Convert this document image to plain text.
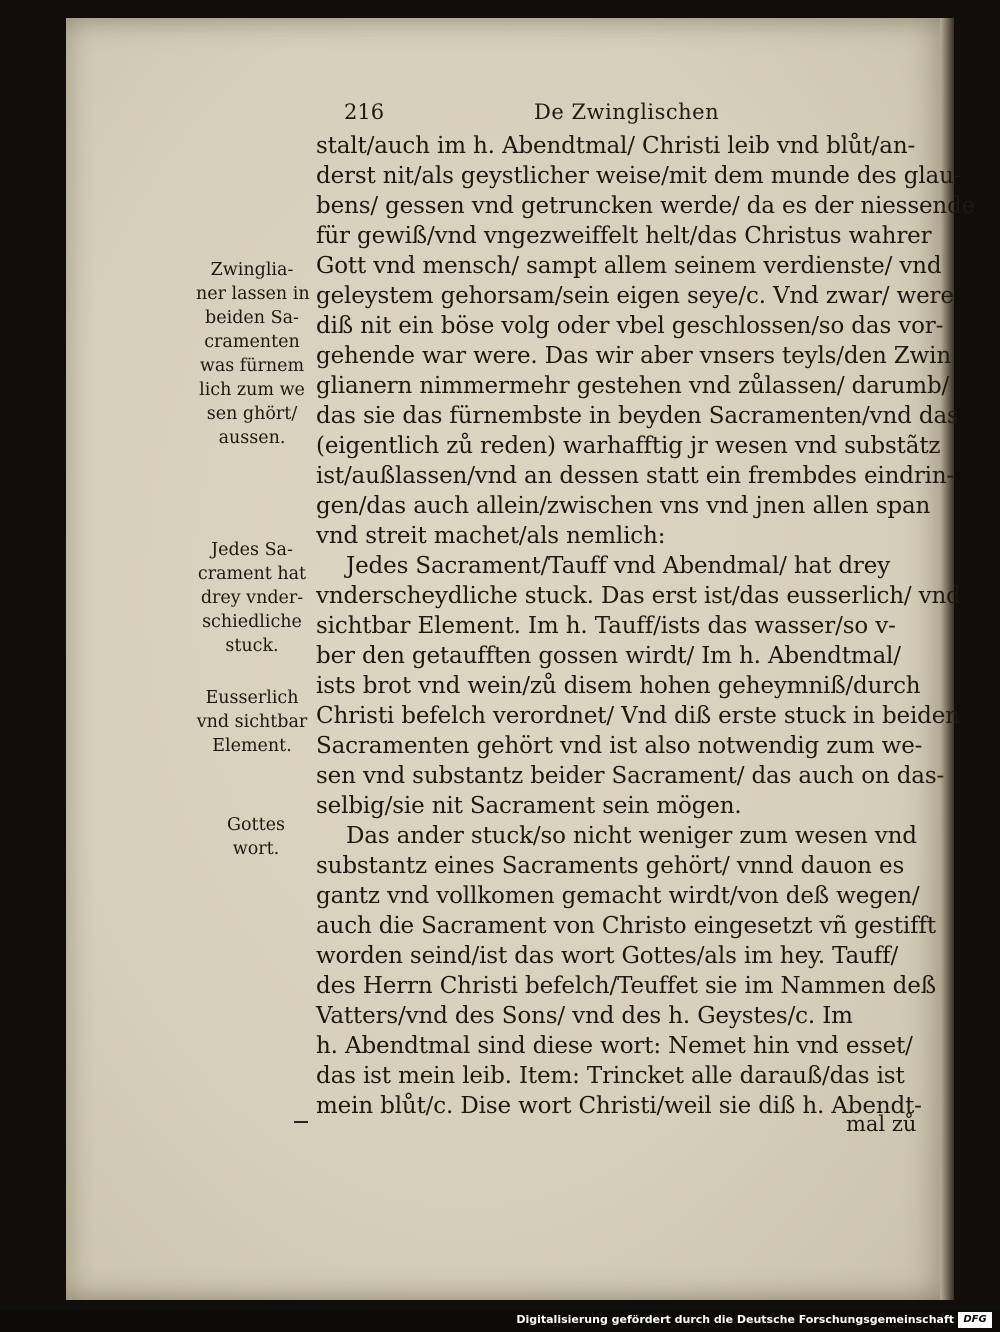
216	De Zwinglischen
stalt/auch im h. Abendtmal/ Christi leib vnd blůt/an-
derst nit/als geystlicher weise/mit dem munde des glau-
bens/ gessen vnd getruncken werde/ da es der niessende
für gewiß/vnd vngezweiffelt helt/das Christus wahrer
Gott vnd mensch/ sampt allem seinem verdienste/ vnd
geleystem gehorsam/sein eigen seye/c. Vnd zwar/ were
diß nit ein böse volg oder vbel geschlossen/so das vor-
gehende war were. Das wir aber vnsers teyls/den Zwin
glianern nimmermehr gestehen vnd zůlassen/ darumb/
das sie das fürnembste in beyden Sacramenten/vnd das
(eigentlich zů reden) warhafftig jr wesen vnd substãtz
ist/außlassen/vnd an dessen statt ein frembdes eindrin-
gen/das auch allein/zwischen vns vnd jnen allen span
vnd streit machet/als nemlich:
Jedes Sacrament/Tauff vnd Abendmal/ hat drey
vnderscheydliche stuck. Das erst ist/das eusserlich/ vnd
sichtbar Element. Im h. Tauff/ists das wasser/so v-
ber den getaufften gossen wirdt/ Im h. Abendtmal/
ists brot vnd wein/zů disem hohen geheymniß/durch
Christi befelch verordnet/ Vnd diß erste stuck in beiden
Sacramenten gehört vnd ist also notwendig zum we-
sen vnd substantz beider Sacrament/ das auch on das-
selbig/sie nit Sacrament sein mögen.
Das ander stuck/so nicht weniger zum wesen vnd
substantz eines Sacraments gehört/ vnnd dauon es
gantz vnd vollkomen gemacht wirdt/von deß wegen/
auch die Sacrament von Christo eingesetzt vñ gestifft
worden seind/ist das wort Gottes/als im hey. Tauff/
des Herrn Christi befelch/Teuffet sie im Nammen deß
Vatters/vnd des Sons/ vnd des h. Geystes/c. Im
h. Abendtmal sind diese wort: Nemet hin vnd esset/
das ist mein leib. Item: Trincket alle darauß/das ist
mein blůt/c. Dise wort Christi/weil sie diß h. Abendt-
mal zů
Zwinglia-
ner lassen in
beiden Sa-
cramenten
was fürnem
lich zum we
sen ghört/
aussen.
Jedes Sa-
crament hat
drey vnder-
schiedliche
stuck.
Eusserlich
vnd sichtbar
Element.
Gottes
wort.
Digitalisierung gefördert durch die Deutsche Forschungsgemeinschaft DFG
